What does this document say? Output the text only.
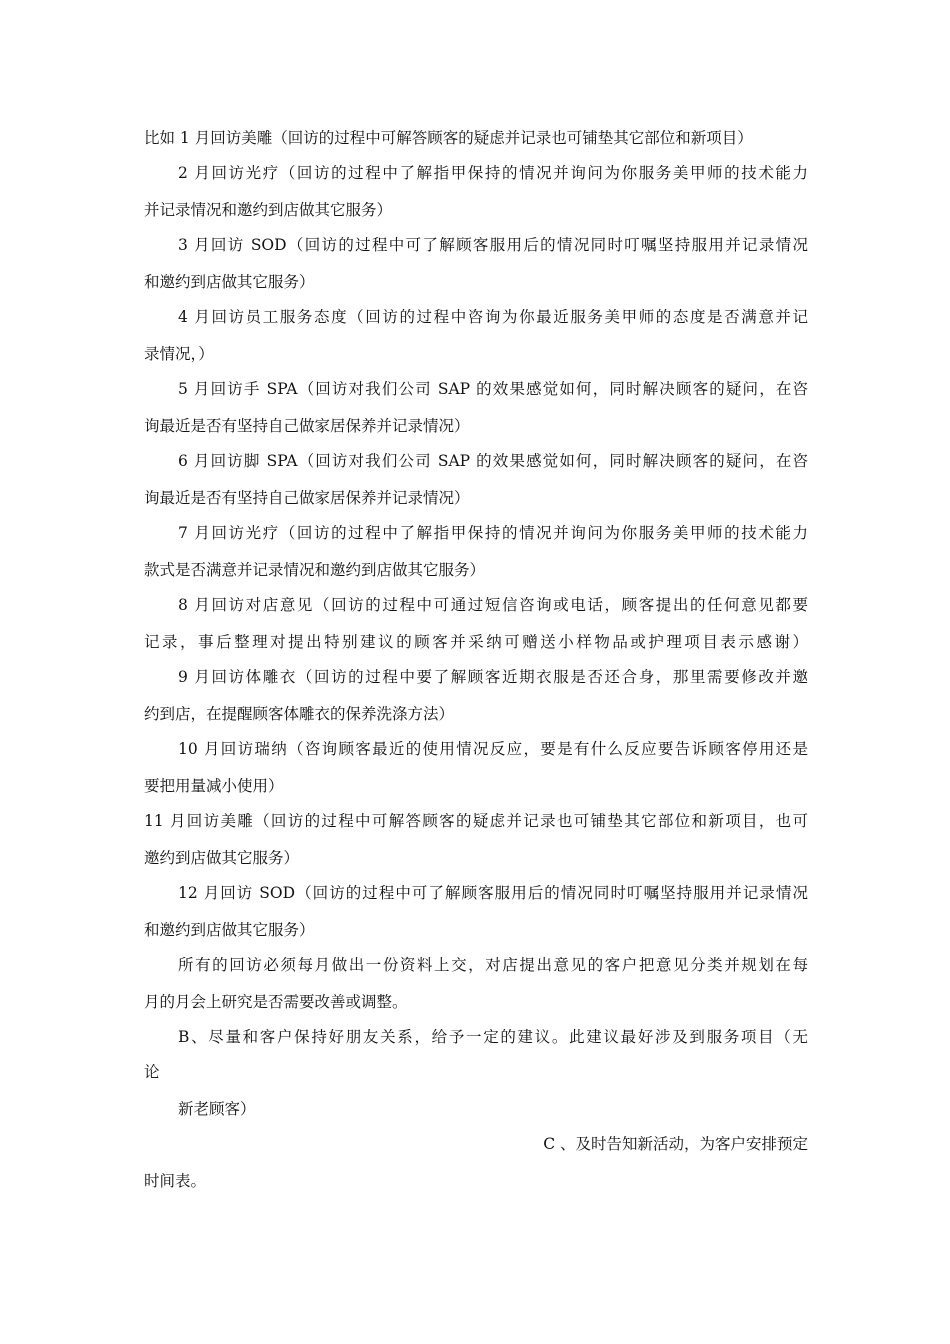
比如 1 月回访美雕（回访的过程中可解答顾客的疑虑并记录也可铺垫其它部位和新项目）
2 月回访光疗（回访的过程中了解指甲保持的情况并询问为你服务美甲师的技术能力
并记录情况和邀约到店做其它服务）
3 月回访 SOD（回访的过程中可了解顾客服用后的情况同时叮嘱坚持服用并记录情况
和邀约到店做其它服务）
4 月回访员工服务态度（回访的过程中咨询为你最近服务美甲师的态度是否满意并记
录情况，）
5 月回访手 SPA（回访对我们公司 SAP 的效果感觉如何，同时解决顾客的疑问，在咨
询最近是否有坚持自己做家居保养并记录情况）
6 月回访脚 SPA（回访对我们公司 SAP 的效果感觉如何，同时解决顾客的疑问，在咨
询最近是否有坚持自己做家居保养并记录情况）
7 月回访光疗（回访的过程中了解指甲保持的情况并询问为你服务美甲师的技术能力
款式是否满意并记录情况和邀约到店做其它服务）
8 月回访对店意见（回访的过程中可通过短信咨询或电话，顾客提出的任何意见都要
记录，事后整理对提出特别建议的顾客并采纳可赠送小样物品或护理项目表示感谢）
9 月回访体雕衣（回访的过程中要了解顾客近期衣服是否还合身，那里需要修改并邀
约到店，在提醒顾客体雕衣的保养洗涤方法）
10 月回访瑞纳（咨询顾客最近的使用情况反应，要是有什么反应要告诉顾客停用还是
要把用量减小使用）
11 月回访美雕（回访的过程中可解答顾客的疑虑并记录也可铺垫其它部位和新项目，也可
邀约到店做其它服务）
12 月回访 SOD（回访的过程中可了解顾客服用后的情况同时叮嘱坚持服用并记录情况
和邀约到店做其它服务）
所有的回访必须每月做出一份资料上交，对店提出意见的客户把意见分类并规划在每
月的月会上研究是否需要改善或调整。
B、尽量和客户保持好朋友关系，给予一定的建议。此建议最好涉及到服务项目（无
论
新老顾客）
C 、及时告知新活动，为客户安排预定
时间表。
